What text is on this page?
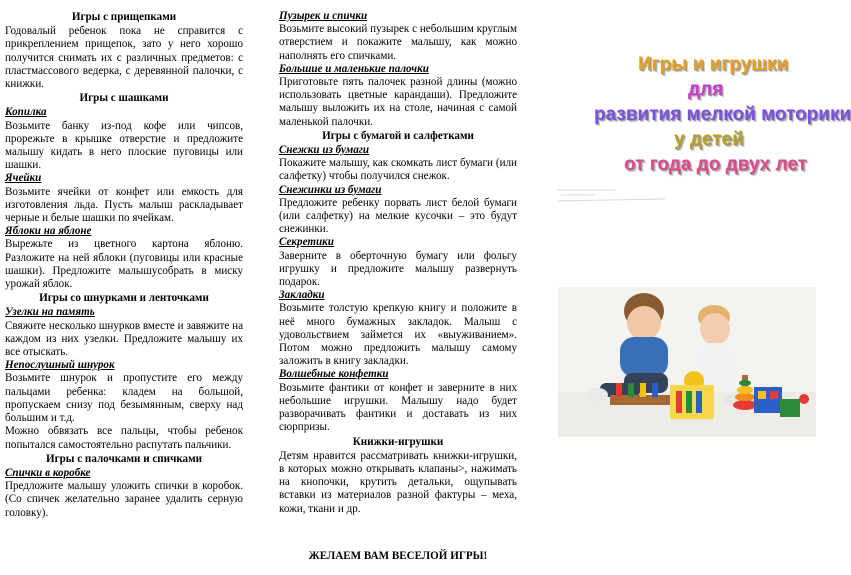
Игры с прищепками

Годовалый ребенок пока не справится с прикреплением прищепок, зато у него хорошо получится снимать их с различных предметов: с пластмассового ведерка, с деревянной палочки, с книжки.

Игры с шашками
Копилка

Возьмите банку из-под кофе или чипсов, прорежьте в крышке отверстие и предложите малышу кидать в него плоские пуговицы или шашки.

Ячейки

Возьмите ячейки от конфет или емкость для изготовления льда. Пусть малыш раскладывает черные и белые шашки по ячейкам.

Яблоки на яблоне

Вырежьте из цветного картона яблоню. Разложите на ней яблоки (пуговицы или красные шашки). Предложите малышусобрать в миску урожай яблок.

Игры со шнурками и ленточками
Узелки на память

Свяжите несколько шнурков вместе и завяжите на каждом из них узелки. Предложите малышу их все отыскать.

Непослушный шнурок

Возьмите шнурок и пропустите его между пальцами ребенка: кладем на большой, пропускаем снизу под безымянным, сверху над большим и т.д.

Можно обвязать все пальцы, чтобы ребенок попытался самостоятельно распутать пальчики.

Игры с палочками и спичками
Спички в коробке

Предложите малышу уложить спички в коробок. (Со спичек желательно заранее удалить серную головку).

Пузырек и спички

Возьмите высокий пузырек с небольшим круглым отверстием и покажите малышу, как можно наполнять его спичками.

Большие и маленькие палочки

Приготовьте пять палочек разной длины (можно использовать цветные карандаши). Предложите малышу выложить их на столе, начиная с самой маленькой палочки.

Игры с бумагой и салфетками
Снежки из бумаги

Покажите малышу, как скомкать лист бумаги (или салфетку) чтобы получился снежок.

Снежинки из бумаги

Предложите ребенку порвать лист белой бумаги (или салфетку) на мелкие кусочки – это будут снежинки.

Секретики

Заверните в оберточную бумагу или фольгу игрушку и предложите малышу развернуть подарок.

Закладки

Возьмите толстую крепкую книгу и положите в неё много бумажных закладок. Малыш с удовольствием займется их «выуживанием». Потом можно предложить малышу самому заложить в книгу закладки.

Волшебные конфетки

Возьмите фантики от конфет и заверните в них небольшие игрушки. Малышу надо будет разворачивать фантики и доставать из них сюрпризы.

Книжки-игрушки

Детям нравится рассматривать книжки-игрушки, в которых можно открывать клапаны>, нажимать на кнопочки, крутить детальки, ощупывать вставки из материалов разной фактуры – меха, кожи, ткани и др.

ЖЕЛАЕМ ВАМ ВЕСЕЛОЙ ИГРЫ!
Игры и игрушки
для
развития мелкой моторики
у детей
от года до двух лет
